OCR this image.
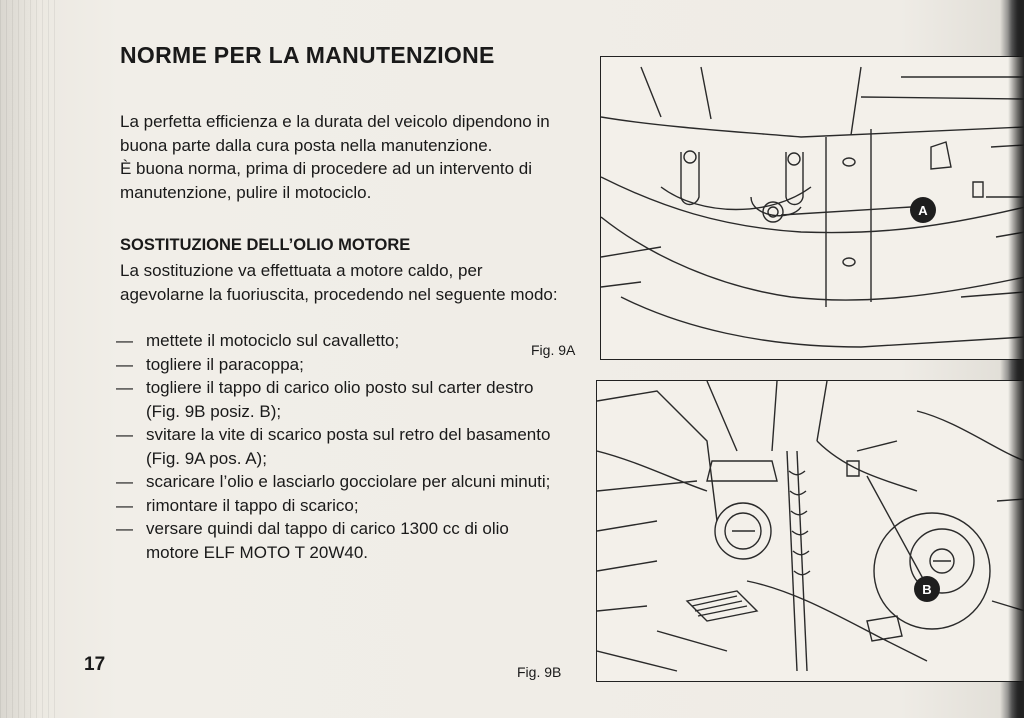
NORME PER LA MANUTENZIONE

La perfetta efficienza e la durata del veicolo dipendono in buona parte dalla cura posta nella manutenzione.

È buona norma, prima di procedere ad un intervento di manutenzione, pulire il motociclo.

SOSTITUZIONE DELL’OLIO MOTORE

La sostituzione va effettuata a motore caldo, per agevolarne la fuoriuscita, procedendo nel seguente modo:

— mettete il motociclo sul cavalletto;
— togliere il paracoppa;
— togliere il tappo di carico olio posto sul carter destro (Fig. 9B posiz. B);
— svitare la vite di scarico posta sul retro del basamento (Fig. 9A pos. A);
— scaricare l’olio e lasciarlo gocciolare per alcuni minuti;
— rimontare il tappo di scarico;
— versare quindi dal tappo di carico 1300 cc di olio motore ELF MOTO T 20W40.
17
A
Fig. 9A
B
Fig. 9B
